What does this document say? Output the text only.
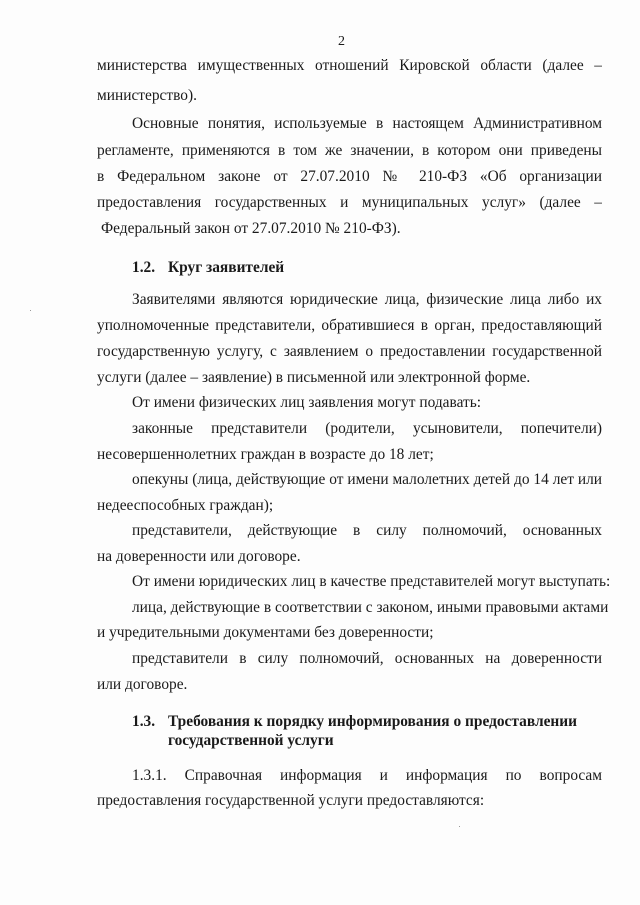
2
министерства имущественных отношений Кировской области (далее –
министерство).
Основные понятия, используемые в настоящем Административном
регламенте, применяются в том же значении, в котором они приведены
в Федеральном законе от 27.07.2010 № 210-ФЗ «Об организации
предоставления государственных и муниципальных услуг» (далее –
Федеральный закон от 27.07.2010 № 210-ФЗ).
1.2. Круг заявителей
Заявителями являются юридические лица, физические лица либо их
уполномоченные представители, обратившиеся в орган, предоставляющий
государственную услугу, с заявлением о предоставлении государственной
услуги (далее – заявление) в письменной или электронной форме.
От имени физических лиц заявления могут подавать:
законные представители (родители, усыновители, попечители)
несовершеннолетних граждан в возрасте до 18 лет;
опекуны (лица, действующие от имени малолетних детей до 14 лет или
недееспособных граждан);
представители, действующие в силу полномочий, основанных
на доверенности или договоре.
От имени юридических лиц в качестве представителей могут выступать:
лица, действующие в соответствии с законом, иными правовыми актами
и учредительными документами без доверенности;
представители в силу полномочий, основанных на доверенности
или договоре.
1.3. Требования к порядку информирования о предоставлении
государственной услуги
1.3.1. Справочная информация и информация по вопросам
предоставления государственной услуги предоставляются:
